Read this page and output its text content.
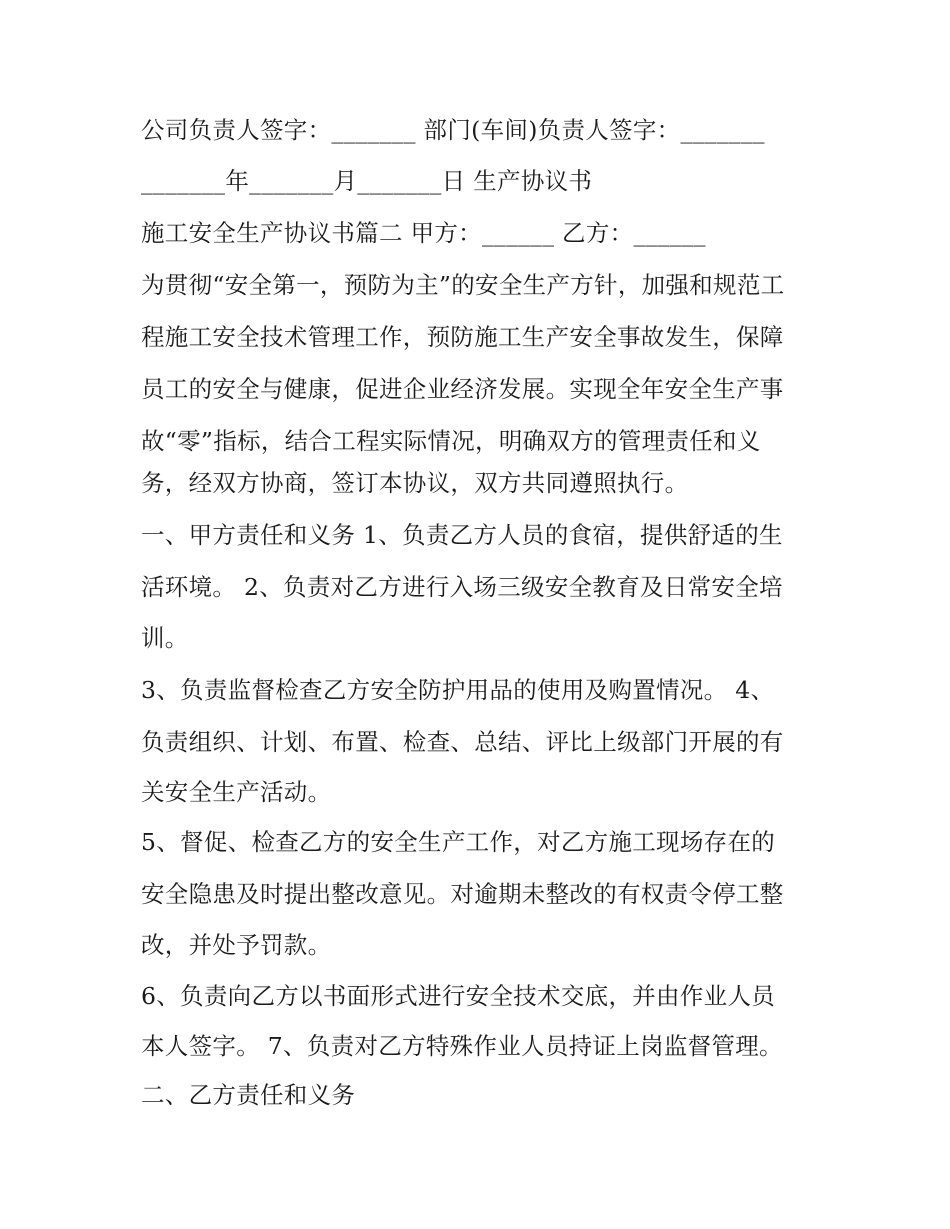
公司负责人签字：_______ 部门(车间)负责人签字：_______
_______年_______月_______日 生产协议书
施工安全生产协议书篇二 甲方：______ 乙方：______
为贯彻“安全第一，预防为主”的安全生产方针，加强和规范工
程施工安全技术管理工作，预防施工生产安全事故发生，保障
员工的安全与健康，促进企业经济发展。实现全年安全生产事
故“零”指标，结合工程实际情况，明确双方的管理责任和义
务，经双方协商，签订本协议，双方共同遵照执行。
一、甲方责任和义务 1、负责乙方人员的食宿，提供舒适的生
活环境。 2、负责对乙方进行入场三级安全教育及日常安全培
训。
3、负责监督检查乙方安全防护用品的使用及购置情况。 4、
负责组织、计划、布置、检查、总结、评比上级部门开展的有
关安全生产活动。
5、督促、检查乙方的安全生产工作，对乙方施工现场存在的
安全隐患及时提出整改意见。对逾期未整改的有权责令停工整
改，并处予罚款。
6、负责向乙方以书面形式进行安全技术交底，并由作业人员
本人签字。 7、负责对乙方特殊作业人员持证上岗监督管理。
二、乙方责任和义务
